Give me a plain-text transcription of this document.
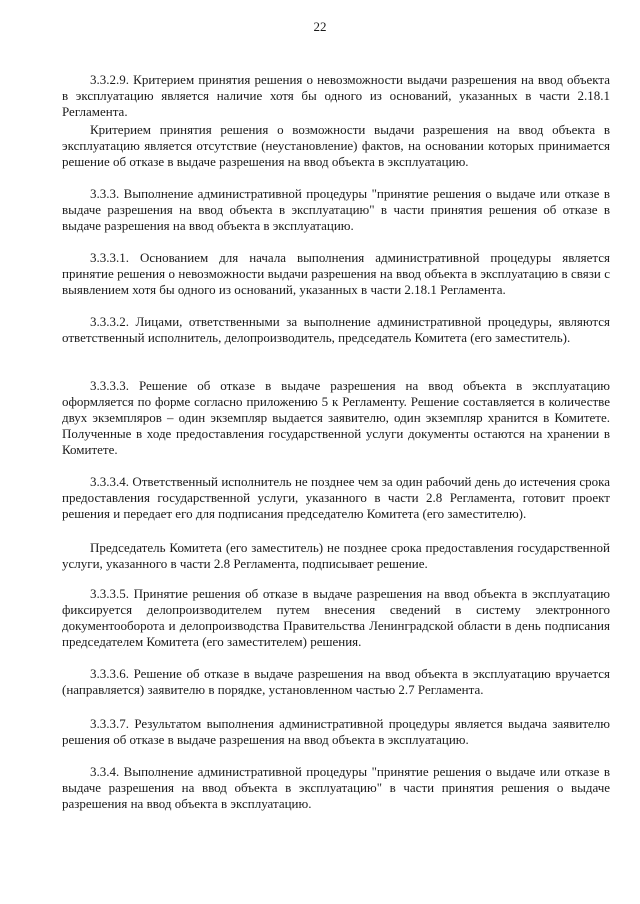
22

3.3.2.9. Критерием принятия решения о невозможности выдачи разрешения на ввод объекта в эксплуатацию является наличие хотя бы одного из оснований, указанных в части 2.18.1 Регламента.

Критерием принятия решения о возможности выдачи разрешения на ввод объекта в эксплуатацию является отсутствие (неустановление) фактов, на основании которых принимается решение об отказе в выдаче разрешения на ввод объекта в эксплуатацию.

3.3.3. Выполнение административной процедуры "принятие решения о выдаче или отказе в выдаче разрешения на ввод объекта в эксплуатацию" в части принятия решения об отказе в выдаче разрешения на ввод объекта в эксплуатацию.

3.3.3.1. Основанием для начала выполнения административной процедуры является принятие решения о невозможности выдачи разрешения на ввод объекта в эксплуатацию в связи с выявлением хотя бы одного из оснований, указанных в части 2.18.1 Регламента.

3.3.3.2. Лицами, ответственными за выполнение административной процедуры, являются ответственный исполнитель, делопроизводитель, председатель Комитета (его заместитель).

3.3.3.3. Решение об отказе в выдаче разрешения на ввод объекта в эксплуатацию оформляется по форме согласно приложению 5 к Регламенту. Решение составляется в количестве двух экземпляров – один экземпляр выдается заявителю, один экземпляр хранится в Комитете. Полученные в ходе предоставления государственной услуги документы остаются на хранении в Комитете.

3.3.3.4. Ответственный исполнитель не позднее чем за один рабочий день до истечения срока предоставления государственной услуги, указанного в части 2.8 Регламента, готовит проект решения и передает его для подписания председателю Комитета (его заместителю).

Председатель Комитета (его заместитель) не позднее срока предоставления государственной услуги, указанного в части 2.8 Регламента, подписывает решение.

3.3.3.5. Принятие решения об отказе в выдаче разрешения на ввод объекта в эксплуатацию фиксируется делопроизводителем путем внесения сведений в систему электронного документооборота и делопроизводства Правительства Ленинградской области в день подписания председателем Комитета (его заместителем) решения.

3.3.3.6. Решение об отказе в выдаче разрешения на ввод объекта в эксплуатацию вручается (направляется) заявителю в порядке, установленном частью 2.7 Регламента.

3.3.3.7. Результатом выполнения административной процедуры является выдача заявителю решения об отказе в выдаче разрешения на ввод объекта в эксплуатацию.

3.3.4. Выполнение административной процедуры "принятие решения о выдаче или отказе в выдаче разрешения на ввод объекта в эксплуатацию" в части принятия решения о выдаче разрешения на ввод объекта в эксплуатацию.
